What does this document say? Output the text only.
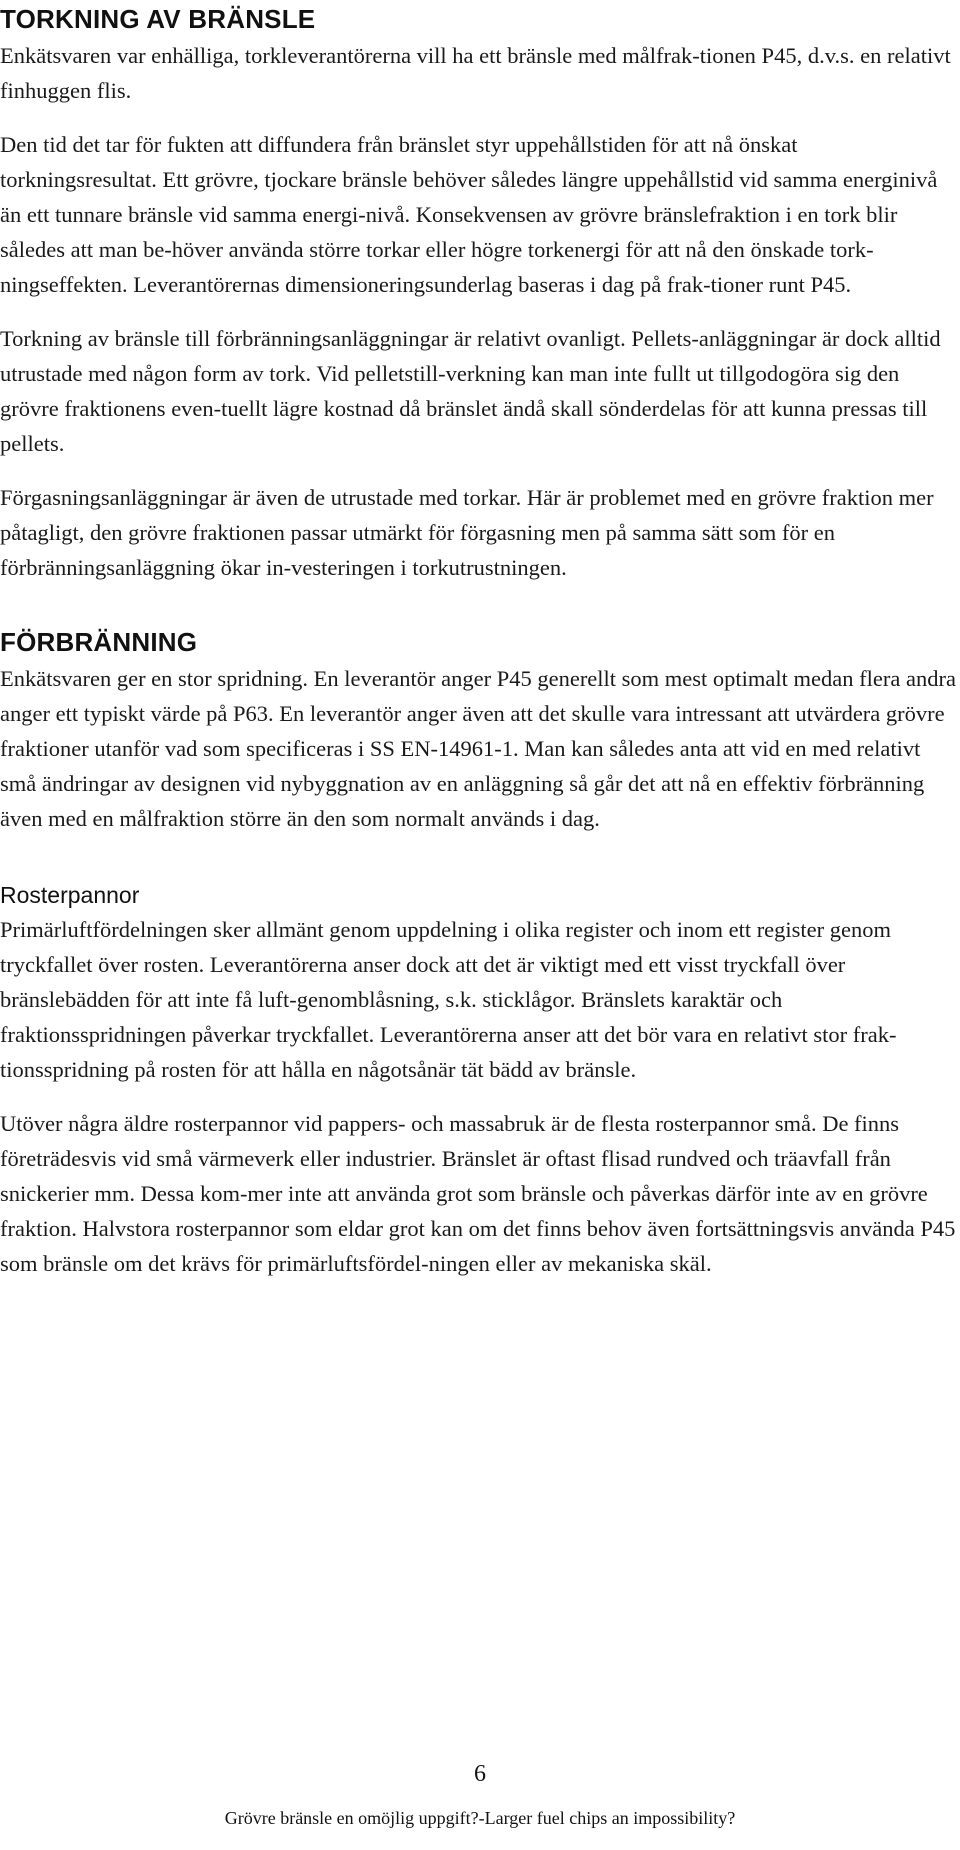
TORKNING AV BRÄNSLE

Enkätsvaren var enhälliga, torkleverantörerna vill ha ett bränsle med målfrak-tionen P45, d.v.s. en relativt finhuggen flis.

Den tid det tar för fukten att diffundera från bränslet styr uppehållstiden för att nå önskat torkningsresultat. Ett grövre, tjockare bränsle behöver således längre uppehållstid vid samma energinivå än ett tunnare bränsle vid samma energi-nivå. Konsekvensen av grövre bränslefraktion i en tork blir således att man be-höver använda större torkar eller högre torkenergi för att nå den önskade tork-ningseffekten. Leverantörernas dimensioneringsunderlag baseras i dag på frak-tioner runt P45.

Torkning av bränsle till förbränningsanläggningar är relativt ovanligt. Pellets-anläggningar är dock alltid utrustade med någon form av tork. Vid pelletstill-verkning kan man inte fullt ut tillgodogöra sig den grövre fraktionens even-tuellt lägre kostnad då bränslet ändå skall sönderdelas för att kunna pressas till pellets.

Förgasningsanläggningar är även de utrustade med torkar. Här är problemet med en grövre fraktion mer påtagligt, den grövre fraktionen passar utmärkt för förgasning men på samma sätt som för en förbränningsanläggning ökar in-vesteringen i torkutrustningen.

FÖRBRÄNNING

Enkätsvaren ger en stor spridning. En leverantör anger P45 generellt som mest optimalt medan flera andra anger ett typiskt värde på P63. En leverantör anger även att det skulle vara intressant att utvärdera grövre fraktioner utanför vad som specificeras i SS EN-14961-1. Man kan således anta att vid en med relativt små ändringar av designen vid nybyggnation av en anläggning så går det att nå en effektiv förbränning även med en målfraktion större än den som normalt används i dag.

Rosterpannor

Primärluftfördelningen sker allmänt genom uppdelning i olika register och inom ett register genom tryckfallet över rosten. Leverantörerna anser dock att det är viktigt med ett visst tryckfall över bränslebädden för att inte få luft-genomblåsning, s.k. sticklågor. Bränslets karaktär och fraktionsspridningen påverkar tryckfallet. Leverantörerna anser att det bör vara en relativt stor frak-tionsspridning på rosten för att hålla en någotsånär tät bädd av bränsle.

Utöver några äldre rosterpannor vid pappers- och massabruk är de flesta rosterpannor små. De finns företrädesvis vid små värmeverk eller industrier. Bränslet är oftast flisad rundved och träavfall från snickerier mm. Dessa kom-mer inte att använda grot som bränsle och påverkas därför inte av en grövre fraktion. Halvstora rosterpannor som eldar grot kan om det finns behov även fortsättningsvis använda P45 som bränsle om det krävs för primärluftsfördel-ningen eller av mekaniska skäl.

6
Grövre bränsle en omöjlig uppgift?-Larger fuel chips an impossibility?
